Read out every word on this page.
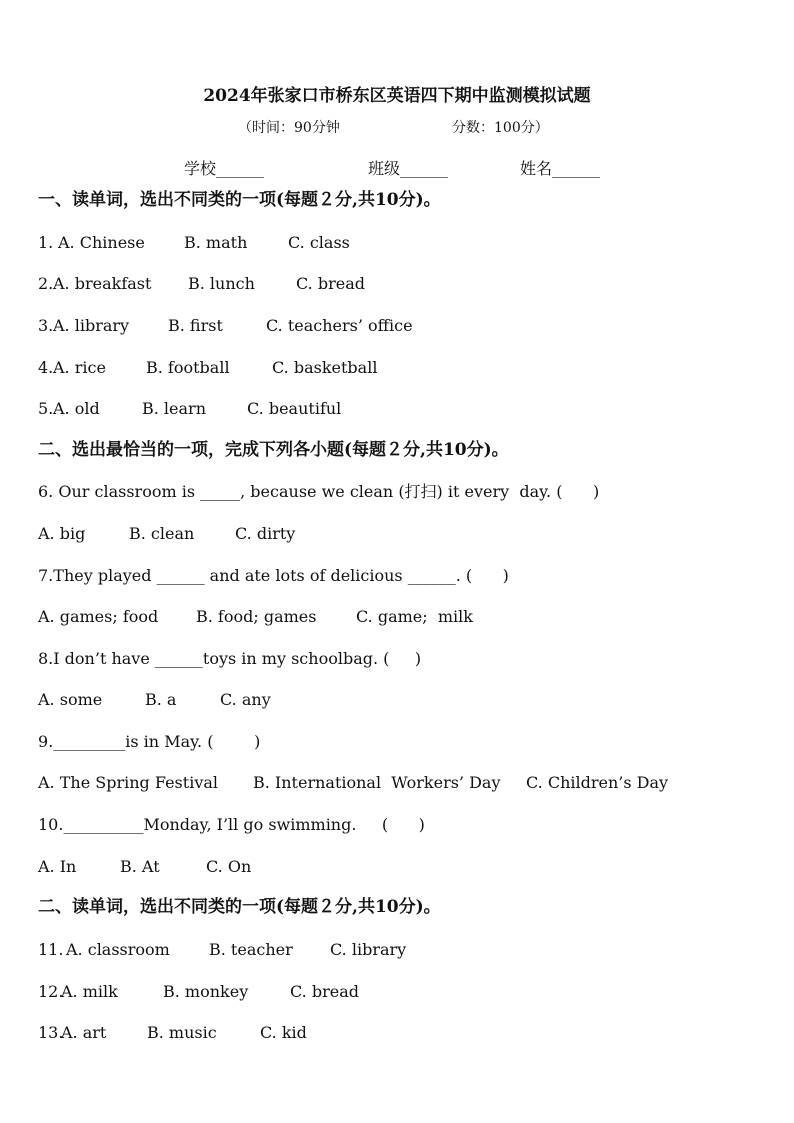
2024年张家口市桥东区英语四下期中监测模拟试题
（时间：90分钟	分数：100分）
学校______	班级______	姓名______
一、读单词，选出不同类的一项(每题２分,共10分)。
1. A. Chinese B. math	C. class
2. A. breakfast B. lunch	C. bread
3. A. library B. first	C. teachers’ office
4. A. rice	B. football	C. basketball
5. A. old	B. learn	C. beautiful
二、选出最恰当的一项，完成下列各小题(每题２分,共10分)。
6. Our classroom is _____, because we clean (打扫) it every  day. (      )
A. big	B. clean	C. dirty
7.They played ______ and ate lots of delicious ______. (      )
A. games; food B. food; games C. game;  milk
8.I don’t have ______toys in my schoolbag. (     )
A. some	B. a	C. any
9._________is in May. (        )
A. The Spring Festival B. International  Workers’ Day C. Children’s Day
10.__________Monday, I’ll go swimming.     (      )
A. In	B. At	C. On
二、读单词，选出不同类的一项(每题２分,共10分)。
11.
A. classroom B. teacher C. library
12.
A. milk	B. monkey	C. bread
13.
A. art	B. music	C. kid
